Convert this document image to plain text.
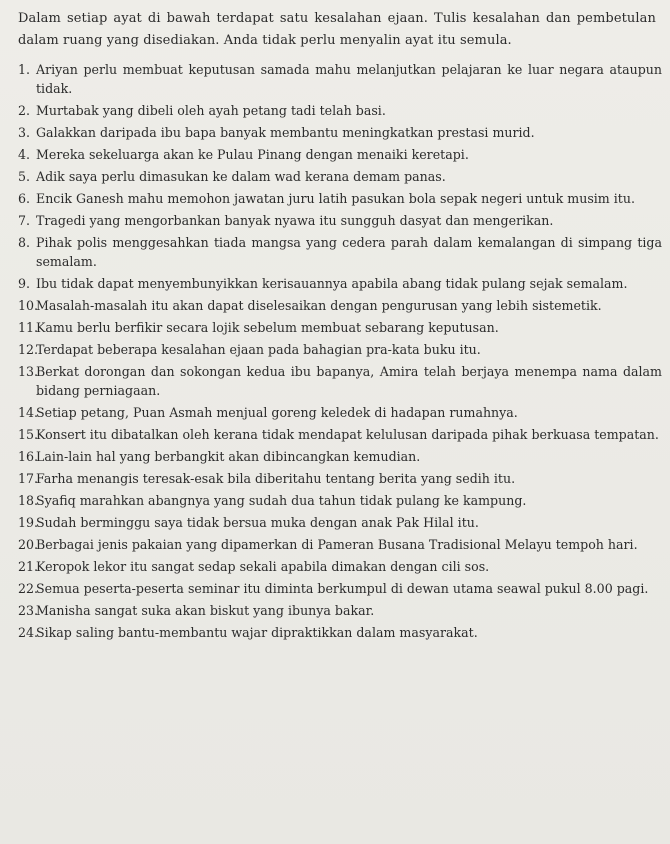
Dalam setiap ayat di bawah terdapat satu kesalahan ejaan. Tulis kesalahan dan pembetulan dalam ruang yang disediakan. Anda tidak perlu menyalin ayat itu semula.

1. Ariyan perlu membuat keputusan samada mahu melanjutkan pelajaran ke luar negara ataupun tidak.
2. Murtabak yang dibeli oleh ayah petang tadi telah basi.
3. Galakkan daripada ibu bapa banyak membantu meningkatkan prestasi murid.
4. Mereka sekeluarga akan ke Pulau Pinang dengan menaiki keretapi.
5. Adik saya perlu dimasukan ke dalam wad kerana demam panas.
6. Encik Ganesh mahu memohon jawatan juru latih pasukan bola sepak negeri untuk musim itu.
7. Tragedi yang mengorbankan banyak nyawa itu sungguh dasyat dan mengerikan.
8. Pihak polis menggesahkan tiada mangsa yang cedera parah dalam kemalangan di simpang tiga semalam.
9. Ibu tidak dapat menyembunyikkan kerisauannya apabila abang tidak pulang sejak semalam.
10.
Masalah-masalah itu akan dapat diselesaikan dengan pengurusan yang lebih sistemetik.
11.
Kamu berlu berfikir secara lojik sebelum membuat sebarang keputusan.
12.
Terdapat beberapa kesalahan ejaan pada bahagian pra-kata buku itu.
13.
Berkat dorongan dan sokongan kedua ibu bapanya, Amira telah berjaya menempa nama dalam bidang perniagaan.
14.
Setiap petang, Puan Asmah menjual goreng keledek di hadapan rumahnya.
15.
Konsert itu dibatalkan oleh kerana tidak mendapat kelulusan daripada pihak berkuasa tempatan.
16.
Lain-lain hal yang berbangkit akan dibincangkan kemudian.
17.
Farha menangis teresak-esak bila diberitahu tentang berita yang sedih itu.
18.
Syafiq marahkan abangnya yang sudah dua tahun tidak pulang ke kampung.
19.
Sudah berminggu saya tidak bersua muka dengan anak Pak Hilal itu.
20.
Berbagai jenis pakaian yang dipamerkan di Pameran Busana Tradisional Melayu tempoh hari.
21.
Keropok lekor itu sangat sedap sekali apabila dimakan dengan cili sos.
22.
Semua peserta-peserta seminar itu diminta berkumpul di dewan utama seawal pukul 8.00 pagi.
23.
Manisha sangat suka akan biskut yang ibunya bakar.
24.
Sikap saling bantu-membantu wajar dipraktikkan dalam masyarakat.
